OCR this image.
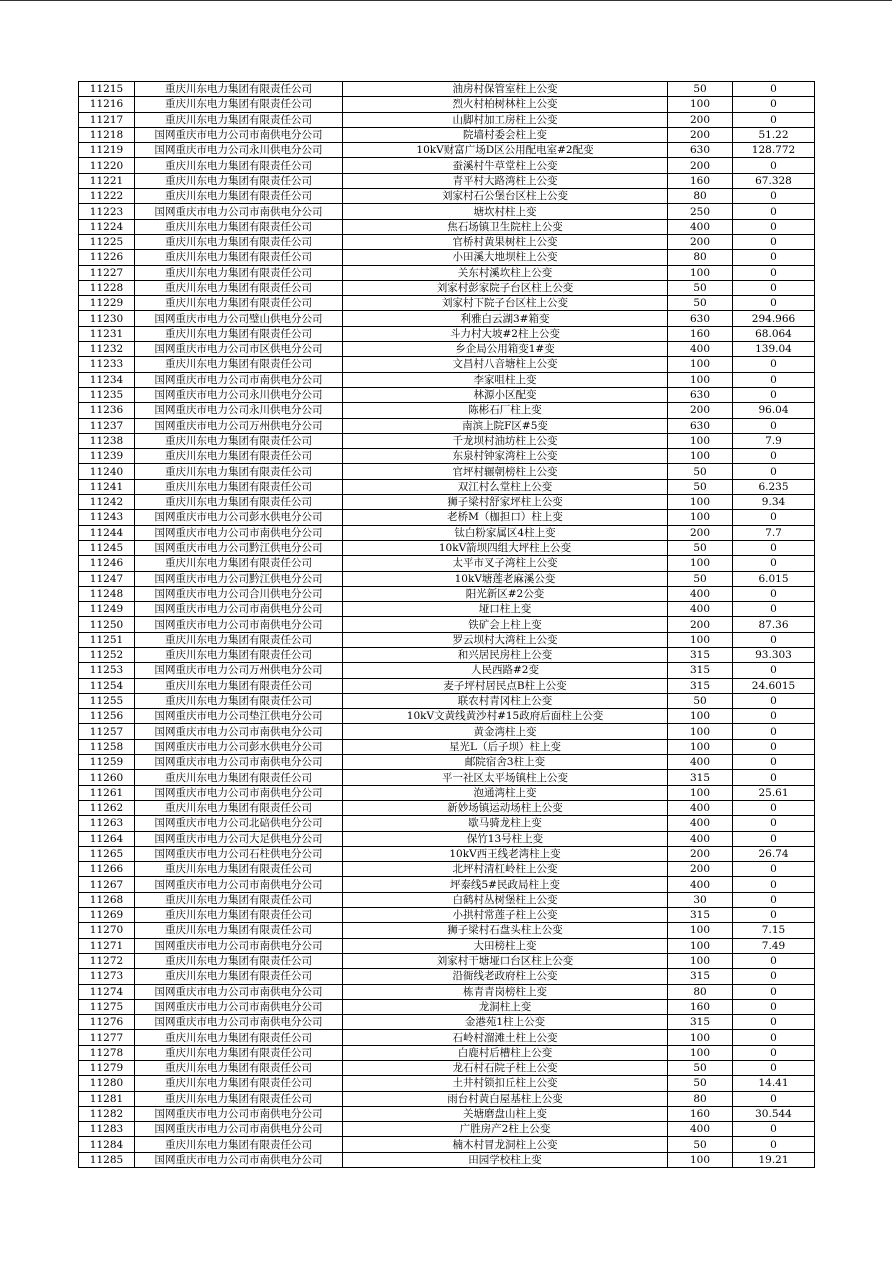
11215	重庆川东电力集团有限责任公司	油房村保管室柱上公变	50	0
11216	重庆川东电力集团有限责任公司	烈火村柏树林柱上公变	100	0
11217	重庆川东电力集团有限责任公司	山脚村加工房柱上公变	200	0
11218	国网重庆市电力公司市南供电分公司	院墙村委会柱上变	200	51.22
11219	国网重庆市电力公司永川供电分公司	10kV财富广场D区公用配电室#2配变	630	128.772
11220	重庆川东电力集团有限责任公司	蚕溪村牛草堂柱上公变	200	0
11221	重庆川东电力集团有限责任公司	青平村大路湾柱上公变	160	67.328
11222	重庆川东电力集团有限责任公司	刘家村石公堡台区柱上公变	80	0
11223	国网重庆市电力公司市南供电分公司	塘坎村柱上变	250	0
11224	重庆川东电力集团有限责任公司	焦石场镇卫生院柱上公变	400	0
11225	重庆川东电力集团有限责任公司	官桥村黄果树柱上公变	200	0
11226	重庆川东电力集团有限责任公司	小田溪大地坝柱上公变	80	0
11227	重庆川东电力集团有限责任公司	关东村溪坎柱上公变	100	0
11228	重庆川东电力集团有限责任公司	刘家村彭家院子台区柱上公变	50	0
11229	重庆川东电力集团有限责任公司	刘家村下院子台区柱上公变	50	0
11230	国网重庆市电力公司璧山供电分公司	利雅白云湖3#箱变	630	294.966
11231	重庆川东电力集团有限责任公司	斗力村大坡#2柱上公变	160	68.064
11232	国网重庆市电力公司市区供电分公司	乡企局公用箱变1#变	400	139.04
11233	重庆川东电力集团有限责任公司	文昌村八音塘柱上公变	100	0
11234	国网重庆市电力公司市南供电分公司	李家咀柱上变	100	0
11235	国网重庆市电力公司永川供电分公司	林源小区配变	630	0
11236	国网重庆市电力公司永川供电分公司	陈彬石厂柱上变	200	96.04
11237	国网重庆市电力公司万州供电分公司	南滨上院F区#5变	630	0
11238	重庆川东电力集团有限责任公司	千龙坝村油坊柱上公变	100	7.9
11239	重庆川东电力集团有限责任公司	东泉村钟家湾柱上公变	100	0
11240	重庆川东电力集团有限责任公司	官坪村辗朝榜柱上公变	50	0
11241	重庆川东电力集团有限责任公司	双江村么堂柱上公变	50	6.235
11242	重庆川东电力集团有限责任公司	狮子梁村舒家坪柱上公变	100	9.34
11243	国网重庆市电力公司彭水供电分公司	老桥M（枷担口）柱上变	100	0
11244	国网重庆市电力公司市南供电分公司	钛白粉家属区4柱上变	200	7.7
11245	国网重庆市电力公司黔江供电分公司	10kV箭坝四组大坪柱上公变	50	0
11246	重庆川东电力集团有限责任公司	太平市叉子湾柱上公变	100	0
11247	国网重庆市电力公司黔江供电分公司	10kV塘莲老麻溪公变	50	6.015
11248	国网重庆市电力公司合川供电分公司	阳光新区#2公变	400	0
11249	国网重庆市电力公司市南供电分公司	垭口柱上变	400	0
11250	国网重庆市电力公司市南供电分公司	铁矿会上柱上变	200	87.36
11251	重庆川东电力集团有限责任公司	罗云坝村大湾柱上公变	100	0
11252	重庆川东电力集团有限责任公司	和兴居民房柱上公变	315	93.303
11253	国网重庆市电力公司万州供电分公司	人民西路#2变	315	0
11254	重庆川东电力集团有限责任公司	麦子坪村居民点B柱上公变	315	24.6015
11255	重庆川东电力集团有限责任公司	联农村青冈柱上公变	50	0
11256	国网重庆市电力公司垫江供电分公司	10kV文黄线黄沙村#15政府后面柱上公变	100	0
11257	国网重庆市电力公司市南供电分公司	黄金湾柱上变	100	0
11258	国网重庆市电力公司彭水供电分公司	星光L（后子坝）柱上变	100	0
11259	国网重庆市电力公司市南供电分公司	邮院宿舍3柱上变	400	0
11260	重庆川东电力集团有限责任公司	平一社区太平场镇柱上公变	315	0
11261	国网重庆市电力公司市南供电分公司	泡通湾柱上变	100	25.61
11262	重庆川东电力集团有限责任公司	新妙场镇运动场柱上公变	400	0
11263	国网重庆市电力公司北碚供电分公司	歇马骑龙柱上变	400	0
11264	国网重庆市电力公司大足供电分公司	保竹13号柱上变	400	0
11265	国网重庆市电力公司石柱供电分公司	10kV西王线老湾柱上变	200	26.74
11266	重庆川东电力集团有限责任公司	北坪村清杠岭柱上公变	200	0
11267	国网重庆市电力公司市南供电分公司	坪泰线5#民政局柱上变	400	0
11268	重庆川东电力集团有限责任公司	白鹤村丛树堡柱上公变	30	0
11269	重庆川东电力集团有限责任公司	小拱村常莲子柱上公变	315	0
11270	重庆川东电力集团有限责任公司	狮子梁村石盘头柱上公变	100	7.15
11271	国网重庆市电力公司市南供电分公司	大田榜柱上变	100	7.49
11272	重庆川东电力集团有限责任公司	刘家村干塘垭口台区柱上公变	100	0
11273	重庆川东电力集团有限责任公司	沿衙线老政府柱上公变	315	0
11274	国网重庆市电力公司市南供电分公司	栋青青岗榜柱上变	80	0
11275	国网重庆市电力公司市南供电分公司	龙洞柱上变	160	0
11276	国网重庆市电力公司市南供电分公司	金港苑1柱上公变	315	0
11277	重庆川东电力集团有限责任公司	石岭村溜滩土柱上公变	100	0
11278	重庆川东电力集团有限责任公司	白鹿村后槽柱上公变	100	0
11279	重庆川东电力集团有限责任公司	龙石村石院子柱上公变	50	0
11280	重庆川东电力集团有限责任公司	土井村锁扣丘柱上公变	50	14.41
11281	重庆川东电力集团有限责任公司	雨台村黄白屋基柱上公变	80	0
11282	国网重庆市电力公司市南供电分公司	关塘磨盘山柱上变	160	30.544
11283	国网重庆市电力公司市南供电分公司	广胜房产2柱上公变	400	0
11284	重庆川东电力集团有限责任公司	楠木村冒龙洞柱上公变	50	0
11285	国网重庆市电力公司市南供电分公司	田园学校柱上变	100	19.21
